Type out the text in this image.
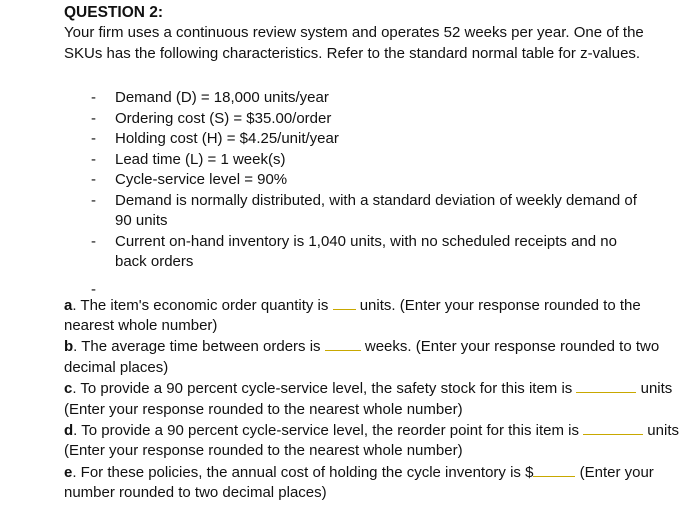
QUESTION 2:
Your firm uses a continuous review system and operates 52 weeks per year. One of the SKUs has the following characteristics. Refer to the standard normal table for z-values.
- Demand (D) = 18,000 units/year
- Ordering cost (S) = $35.00/order
- Holding cost (H) = $4.25/unit/year
- Lead time (L) = 1 week(s)
- Cycle-service level = 90%
- Demand is normally distributed, with a standard deviation of weekly demand of 90 units
- Current on-hand inventory is 1,040 units, with no scheduled receipts and no back orders
-
a. The item's economic order quantity is  units. (Enter your response rounded to the nearest whole number)
b. The average time between orders is  weeks. (Enter your response rounded to two decimal places)
c. To provide a 90 percent cycle-service level, the safety stock for this item is	units (Enter your response rounded to the nearest whole number)
d. To provide a 90 percent cycle-service level, the reorder point for this item is	units (Enter your response rounded to the nearest whole number)
e. For these policies, the annual cost of holding the cycle inventory is $	(Enter your number rounded to two decimal places)
